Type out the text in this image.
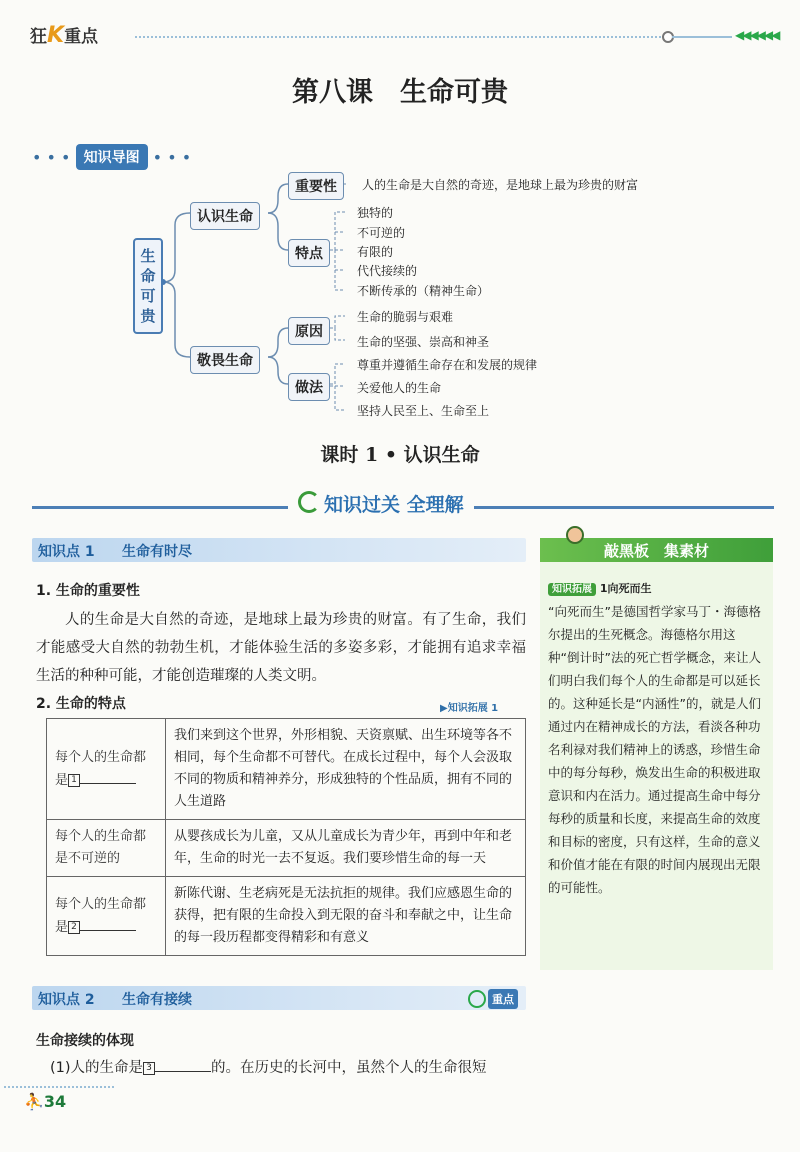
狂K重点	◀◀◀◀◀◀
第八课　生命可贵
• • • 知识导图 • • •
生命可贵
认识生命
敬畏生命
重要性
特点
原因
做法
人的生命是大自然的奇迹，是地球上最为珍贵的财富
独特的
不可逆的
有限的
代代接续的
不断传承的（精神生命）
生命的脆弱与艰难
生命的坚强、崇高和神圣
尊重并遵循生命存在和发展的规律
关爱他人的生命
坚持人民至上、生命至上
课时 1 • 认识生命
知识过关 全理解
知识点 1 生命有时尽
1. 生命的重要性
人的生命是大自然的奇迹，是地球上最为珍贵的财富。有了生命，我们才能感受大自然的勃勃生机，才能体验生活的多姿多彩，才能拥有追求幸福生活的种种可能，才能创造璀璨的人类文明。
2. 生命的特点	▶知识拓展 1
每个人的生命都是 1	我们来到这个世界，外形相貌、天资禀赋、出生环境等各不相同，每个生命都不可替代。在成长过程中，每个人会汲取不同的物质和精神养分，形成独特的个性品质，拥有不同的人生道路
每个人的生命都是不可逆的	从婴孩成长为儿童，又从儿童成长为青少年，再到中年和老年，生命的时光一去不复返。我们要珍惜生命的每一天
每个人的生命都是 2	新陈代谢、生老病死是无法抗拒的规律。我们应感恩生命的获得，把有限的生命投入到无限的奋斗和奉献之中，让生命的每一段历程都变得精彩和有意义
敲黑板　集素材
知识拓展 1向死而生
“向死而生”是德国哲学家马丁・海德格尔提出的生死概念。海德格尔用这种“倒计时”法的死亡哲学概念，来让人们明白我们每个人的生命都是可以延长的。这种延长是“内涵性”的，就是人们通过内在精神成长的方法，看淡各种功名利禄对我们精神上的诱惑，珍惜生命中的每分每秒，焕发出生命的积极进取意识和内在活力。通过提高生命中每分每秒的质量和长度，来提高生命的效度和目标的密度，只有这样，生命的意义和价值才能在有限的时间内展现出无限的可能性。
知识点 2 生命有接续	重点
生命接续的体现
(1)人的生命是 3	的。在历史的长河中，虽然个人的生命很短
⛹34
